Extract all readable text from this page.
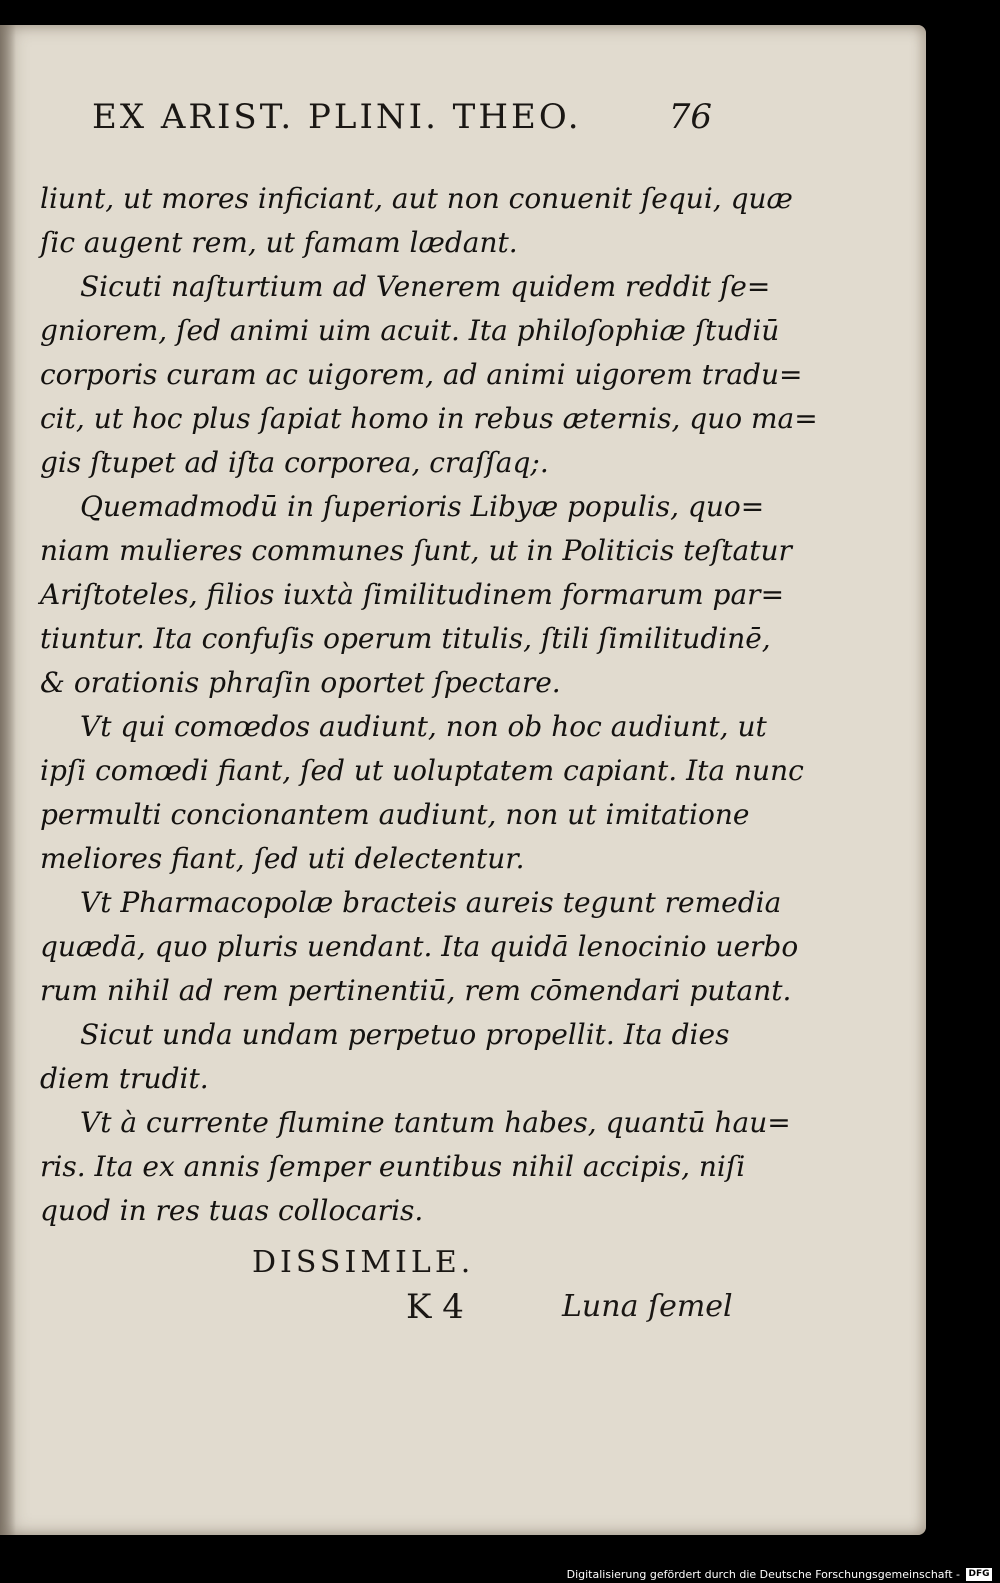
EX ARIST. PLINI. THEO.	76
liunt, ut mores inficiant, aut non conuenit ſequi, quæ
ſic augent rem, ut famam lædant.
Sicuti naſturtium ad Venerem quidem reddit ſe=
gniorem, ſed animi uim acuit. Ita philoſophiæ ſtudiū
corporis curam ac uigorem, ad animi uigorem tradu=
cit, ut hoc plus ſapiat homo in rebus æternis, quo ma=
gis ſtupet ad iſta corporea, craſſaq;.
Quemadmodū in ſuperioris Libyæ populis, quo=
niam mulieres communes ſunt, ut in Politicis teſtatur
Ariſtoteles, filios iuxtà ſimilitudinem formarum par=
tiuntur. Ita confuſis operum titulis, ſtili ſimilitudinē,
& orationis phraſin oportet ſpectare.
Vt qui comœdos audiunt, non ob hoc audiunt, ut
ipſi comœdi fiant, ſed ut uoluptatem capiant. Ita nunc
permulti concionantem audiunt, non ut imitatione
meliores fiant, ſed uti delectentur.
Vt Pharmacopolæ bracteis aureis tegunt remedia
quædā, quo pluris uendant. Ita quidā lenocinio uerbo
rum nihil ad rem pertinentiū, rem cōmendari putant.
Sicut unda undam perpetuo propellit. Ita dies
diem trudit.
Vt à currente flumine tantum habes, quantū hau=
ris. Ita ex annis ſemper euntibus nihil accipis, niſi
quod in res tuas collocaris.
DISSIMILE.
K 4	Luna ſemel
Digitalisierung gefördert durch die Deutsche Forschungsgemeinschaft - DFG
